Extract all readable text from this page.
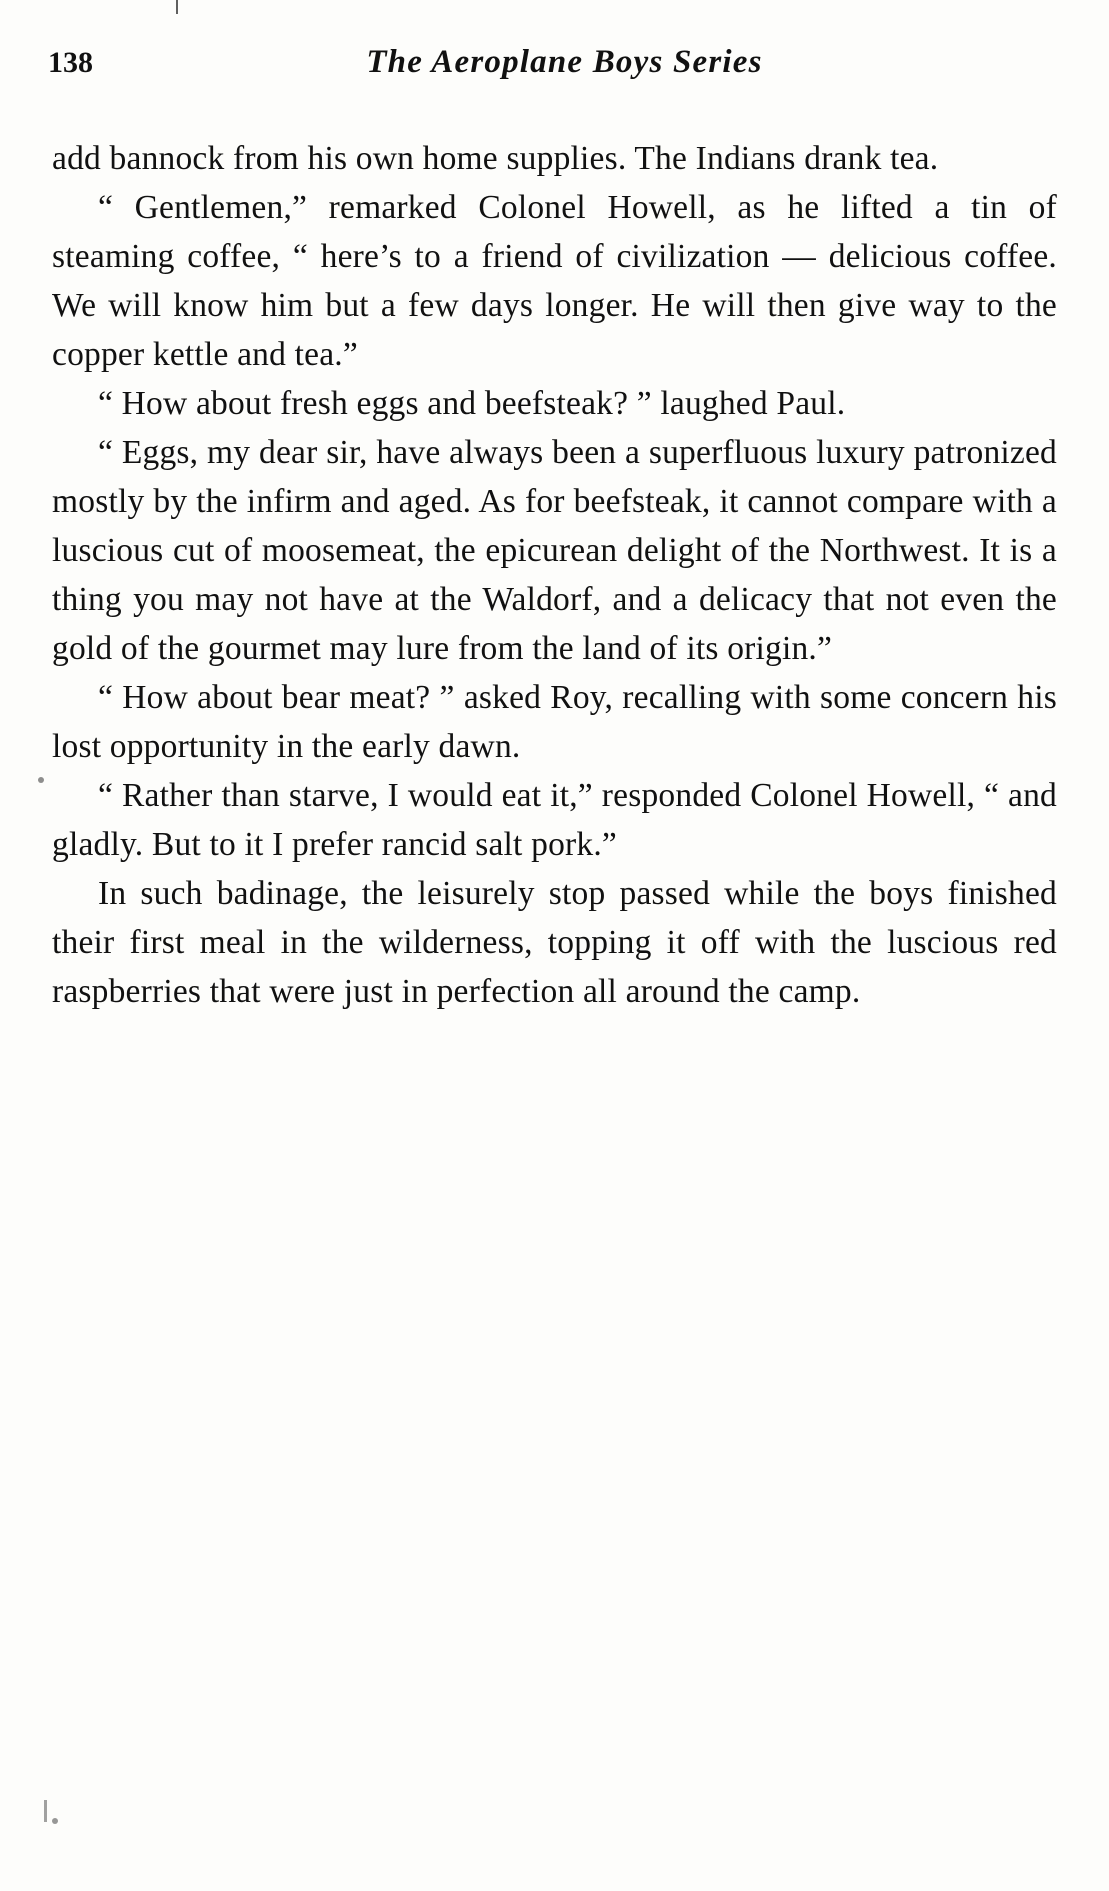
138	The Aeroplane Boys Series

add bannock from his own home supplies. The Indians drank tea.

“ Gentlemen,” remarked Colonel Howell, as he lifted a tin of steaming coffee, “ here’s to a friend of civilization — delicious coffee. We will know him but a few days longer. He will then give way to the copper kettle and tea.”

“ How about fresh eggs and beefsteak? ” laughed Paul.

“ Eggs, my dear sir, have always been a superfluous luxury patronized mostly by the infirm and aged. As for beefsteak, it cannot compare with a luscious cut of moosemeat, the epicurean delight of the Northwest. It is a thing you may not have at the Waldorf, and a delicacy that not even the gold of the gourmet may lure from the land of its origin.”

“ How about bear meat? ” asked Roy, recalling with some concern his lost opportunity in the early dawn.

“ Rather than starve, I would eat it,” responded Colonel Howell, “ and gladly. But to it I prefer rancid salt pork.”

In such badinage, the leisurely stop passed while the boys finished their first meal in the wilderness, topping it off with the luscious red raspberries that were just in perfection all around the camp.
